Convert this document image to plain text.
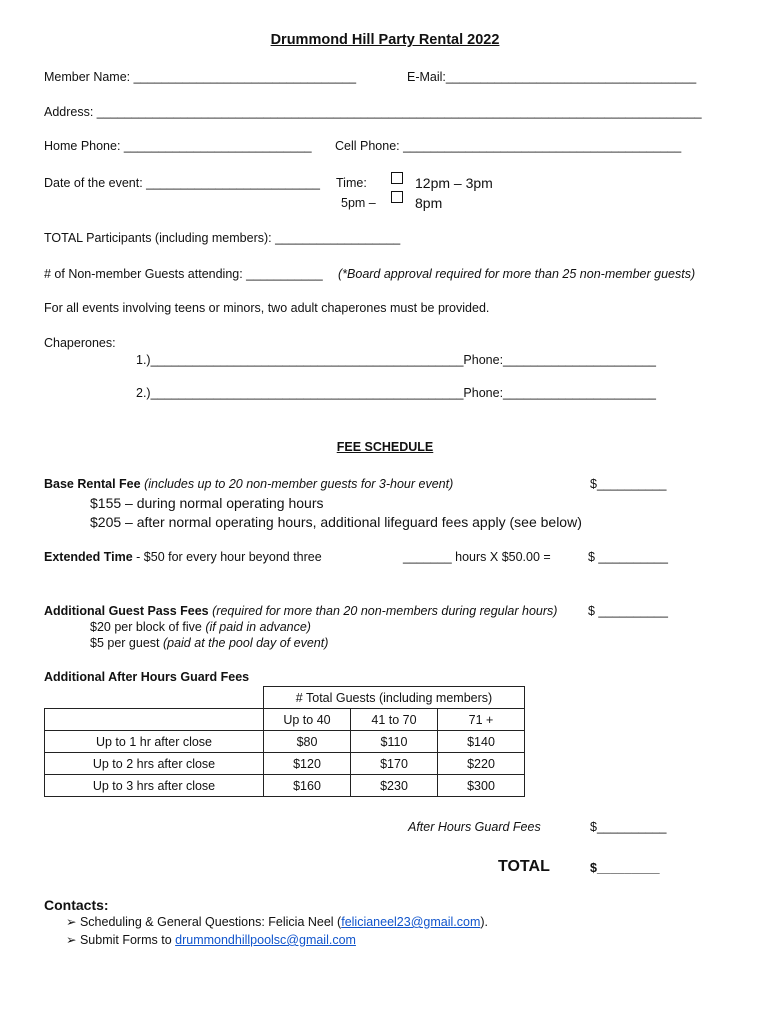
Drummond Hill Party Rental 2022
Member Name: ________________________________	E-Mail:____________________________________
Address: _______________________________________________________________________________________
Home Phone: ___________________________ Cell Phone: ________________________________________
Date of the event: _________________________ Time:	12pm – 3pm
5pm –	8pm
TOTAL Participants (including members): __________________
# of Non-member Guests attending: ___________ (*Board approval required for more than 25 non-member guests)
For all events involving teens or minors, two adult chaperones must be provided.
Chaperones:
1.)_____________________________________________Phone:______________________
2.)_____________________________________________Phone:______________________
FEE SCHEDULE
Base Rental Fee (includes up to 20 non-member guests for 3-hour event)	$__________
$155 – during normal operating hours
$205 – after normal operating hours, additional lifeguard fees apply (see below)
Extended Time - $50 for every hour beyond three	_______ hours X $50.00 =	$ __________
Additional Guest Pass Fees (required for more than 20 non-members during regular hours) $ __________
$20 per block of five (if paid in advance)
$5 per guest (paid at the pool day of event)
Additional After Hours Guard Fees
	# Total Guests (including members)		
	Up to 40	41 to 70	71 +
Up to 1 hr after close	$80	$110	$140
Up to 2 hrs after close	$120	$170	$220
Up to 3 hrs after close	$160	$230	$300
After Hours Guard Fees	$__________
TOTAL	$_________
Contacts:
➢ Scheduling & General Questions: Felicia Neel (felicianeel23@gmail.com).
➢ Submit Forms to drummondhillpoolsc@gmail.com
